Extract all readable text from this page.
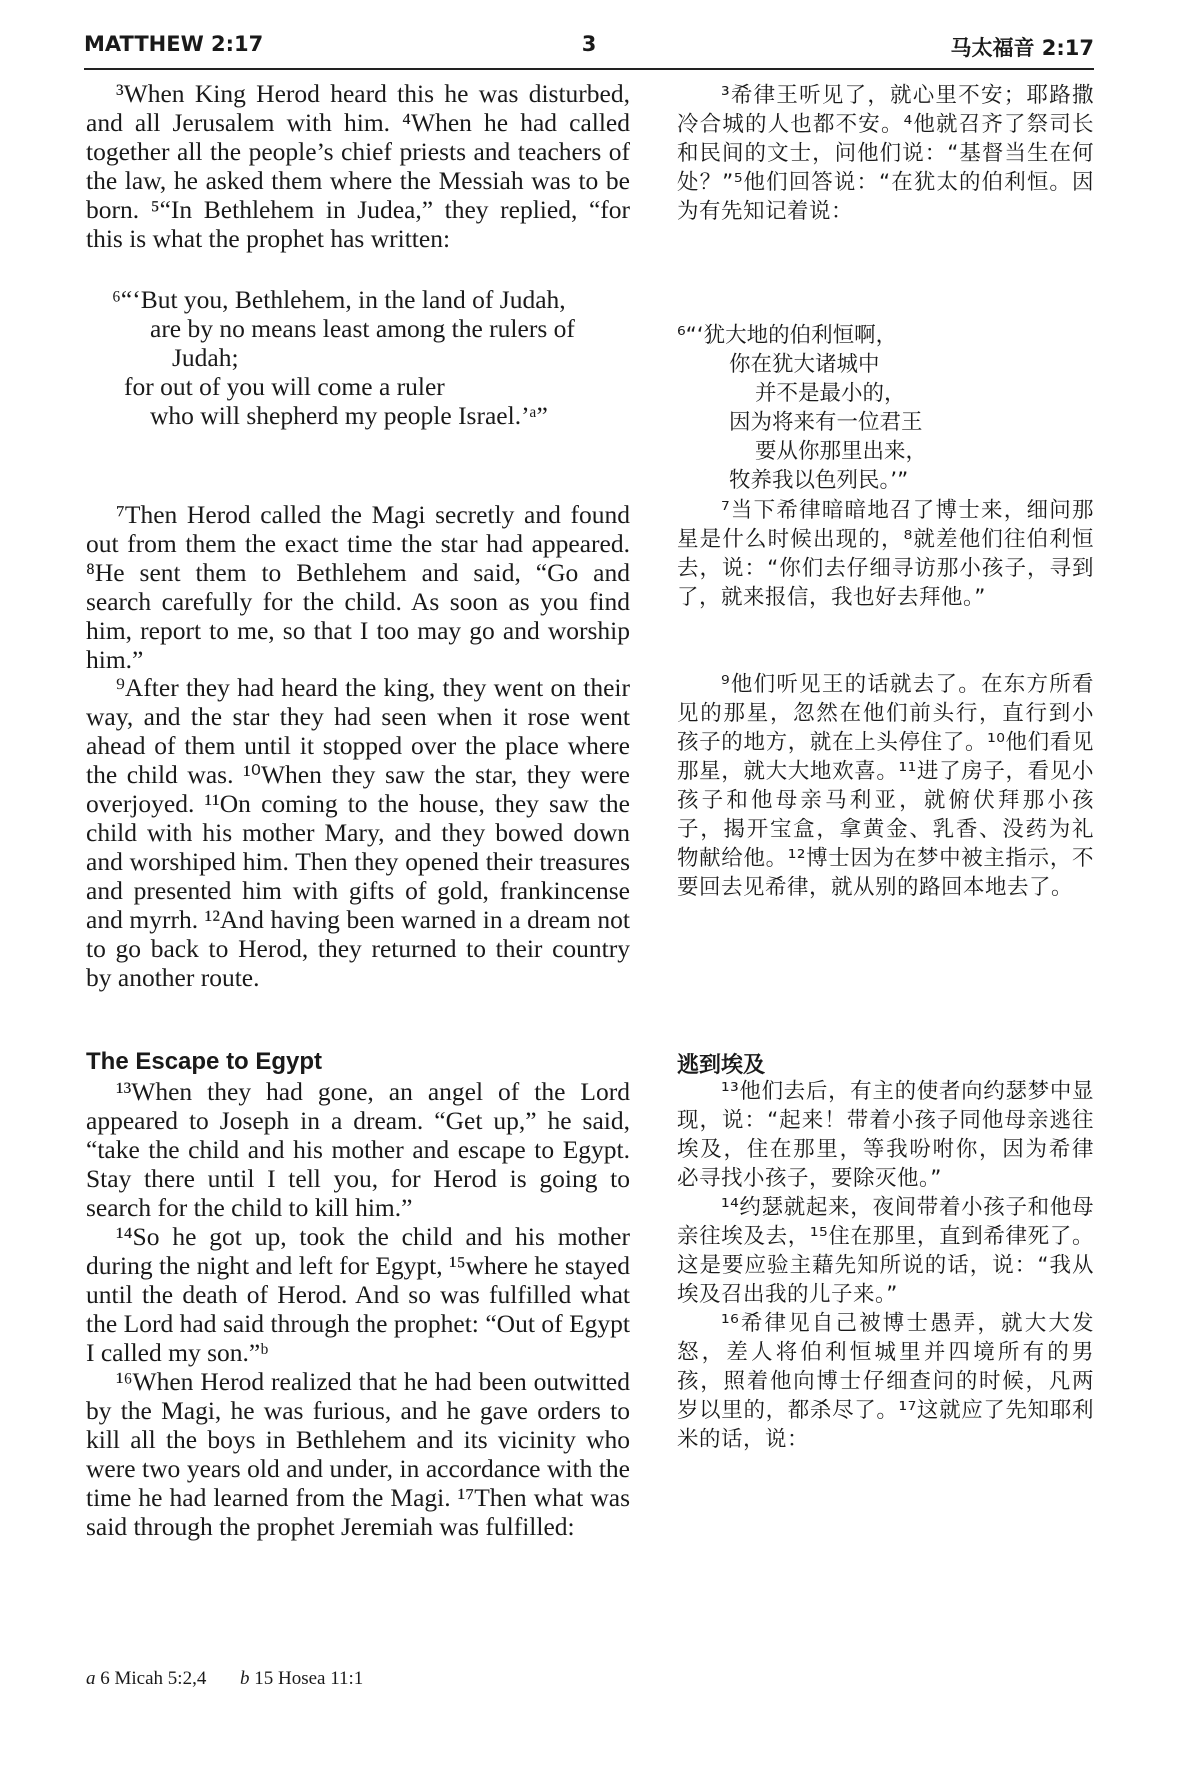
MATTHEW 2:17	3	马太福音 2:17

³When King Herod heard this he was disturbed, and all Jerusalem with him. ⁴When he had called together all the people’s chief priests and teachers of the law, he asked them where the Messiah was to be born. ⁵“In Bethlehem in Judea,” they replied, “for this is what the prophet has written:

⁶“‘But you, Bethlehem, in the land of Judah,
are by no means least among the rulers of
Judah;
for out of you will come a ruler
who will shepherd my people Israel.’ᵃ”

⁷Then Herod called the Magi secretly and found out from them the exact time the star had appeared. ⁸He sent them to Bethlehem and said, “Go and search carefully for the child. As soon as you find him, report to me, so that I too may go and worship him.”

⁹After they had heard the king, they went on their way, and the star they had seen when it rose went ahead of them until it stopped over the place where the child was. ¹⁰When they saw the star, they were overjoyed. ¹¹On coming to the house, they saw the child with his mother Mary, and they bowed down and worshiped him. Then they opened their treasures and presented him with gifts of gold, frankincense and myrrh. ¹²And having been warned in a dream not to go back to Herod, they returned to their country by another route.

The Escape to Egypt

¹³When they had gone, an angel of the Lord appeared to Joseph in a dream. “Get up,” he said, “take the child and his mother and escape to Egypt. Stay there until I tell you, for Herod is going to search for the child to kill him.”

¹⁴So he got up, took the child and his mother during the night and left for Egypt, ¹⁵where he stayed until the death of Herod. And so was fulfilled what the Lord had said through the prophet: “Out of Egypt I called my son.”ᵇ

¹⁶When Herod realized that he had been outwitted by the Magi, he was furious, and he gave orders to kill all the boys in Bethlehem and its vicinity who were two years old and under, in accordance with the time he had learned from the Magi. ¹⁷Then what was said through the prophet Jeremiah was fulfilled:

³希律王听见了，就心里不安；耶路撒冷合城的人也都不安。⁴他就召齐了祭司长和民间的文士，问他们说：“基督当生在何处？”⁵他们回答说：“在犹太的伯利恒。因为有先知记着说：

⁶“‘犹大地的伯利恒啊，
你在犹大诸城中
并不是最小的，
因为将来有一位君王
要从你那里出来，
牧养我以色列民。’”

⁷当下希律暗暗地召了博士来，细问那星是什么时候出现的，⁸就差他们往伯利恒去，说：“你们去仔细寻访那小孩子，寻到了，就来报信，我也好去拜他。”

⁹他们听见王的话就去了。在东方所看见的那星，忽然在他们前头行，直行到小孩子的地方，就在上头停住了。¹⁰他们看见那星，就大大地欢喜。¹¹进了房子，看见小孩子和他母亲马利亚，就俯伏拜那小孩子，揭开宝盒，拿黄金、乳香、没药为礼物献给他。¹²博士因为在梦中被主指示，不要回去见希律，就从别的路回本地去了。

逃到埃及

¹³他们去后，有主的使者向约瑟梦中显现，说：“起来！带着小孩子同他母亲逃往埃及，住在那里，等我吩咐你，因为希律必寻找小孩子，要除灭他。”

¹⁴约瑟就起来，夜间带着小孩子和他母亲往埃及去，¹⁵住在那里，直到希律死了。这是要应验主藉先知所说的话，说：“我从埃及召出我的儿子来。”

¹⁶希律见自己被博士愚弄，就大大发怒，差人将伯利恒城里并四境所有的男孩，照着他向博士仔细查问的时候，凡两岁以里的，都杀尽了。¹⁷这就应了先知耶利米的话，说：

a 6 Micah 5:2,4 b 15 Hosea 11:1
